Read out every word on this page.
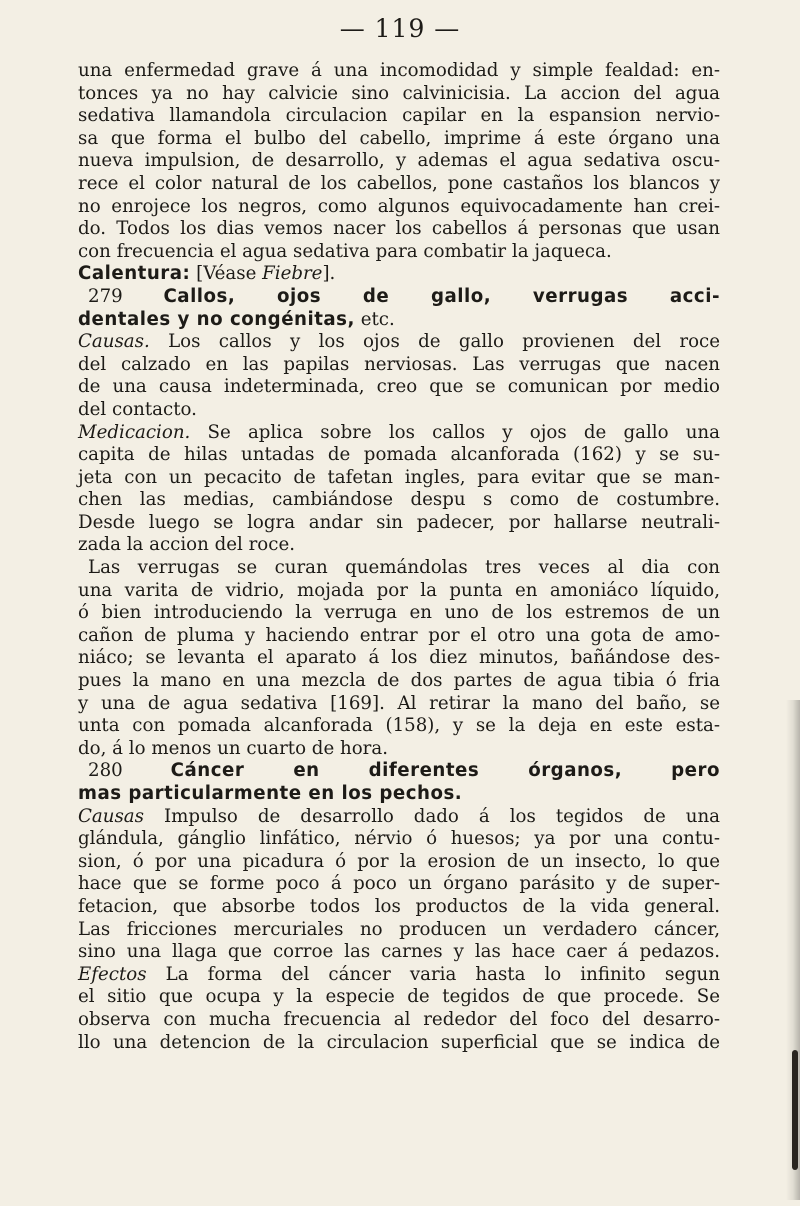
— 119 —
una enfermedad grave á una incomodidad y simple fealdad: en-
tonces ya no hay calvicie sino calvinicisia. La accion del agua
sedativa llamandola circulacion capilar en la espansion nervio-
sa que forma el bulbo del cabello, imprime á este órgano una
nueva impulsion, de desarrollo, y ademas el agua sedativa oscu-
rece el color natural de los cabellos, pone castaños los blancos y
no enrojece los negros, como algunos equivocadamente han crei-
do. Todos los dias vemos nacer los cabellos á personas que usan
con frecuencia el agua sedativa para combatir la jaqueca.
Calentura: [Véase Fiebre].
279 Callos, ojos de gallo, verrugas acci-
dentales y no congénitas, etc.
Causas. Los callos y los ojos de gallo provienen del roce
del calzado en las papilas nerviosas. Las verrugas que nacen
de una causa indeterminada, creo que se comunican por medio
del contacto.
Medicacion. Se aplica sobre los callos y ojos de gallo una
capita de hilas untadas de pomada alcanforada (162) y se su-
jeta con un pecacito de tafetan ingles, para evitar que se man-
chen las medias, cambiándose despu s como de costumbre.
Desde luego se logra andar sin padecer, por hallarse neutrali-
zada la accion del roce.
Las verrugas se curan quemándolas tres veces al dia con
una varita de vidrio, mojada por la punta en amoniáco líquido,
ó bien introduciendo la verruga en uno de los estremos de un
cañon de pluma y haciendo entrar por el otro una gota de amo-
niáco; se levanta el aparato á los diez minutos, bañándose des-
pues la mano en una mezcla de dos partes de agua tibia ó fria
y una de agua sedativa [169]. Al retirar la mano del baño, se
unta con pomada alcanforada (158), y se la deja en este esta-
do, á lo menos un cuarto de hora.
280	Cáncer en diferentes órganos, pero
mas particularmente en los pechos.
Causas Impulso de desarrollo dado á los tegidos de una
glándula, gánglio linfático, nérvio ó huesos; ya por una contu-
sion, ó por una picadura ó por la erosion de un insecto, lo que
hace que se forme poco á poco un órgano parásito y de super-
fetacion, que absorbe todos los productos de la vida general.
Las fricciones mercuriales no producen un verdadero cáncer,
sino una llaga que corroe las carnes y las hace caer á pedazos.
Efectos La forma del cáncer varia hasta lo infinito segun
el sitio que ocupa y la especie de tegidos de que procede. Se
observa con mucha frecuencia al rededor del foco del desarro-
llo una detencion de la circulacion superficial que se indica de
